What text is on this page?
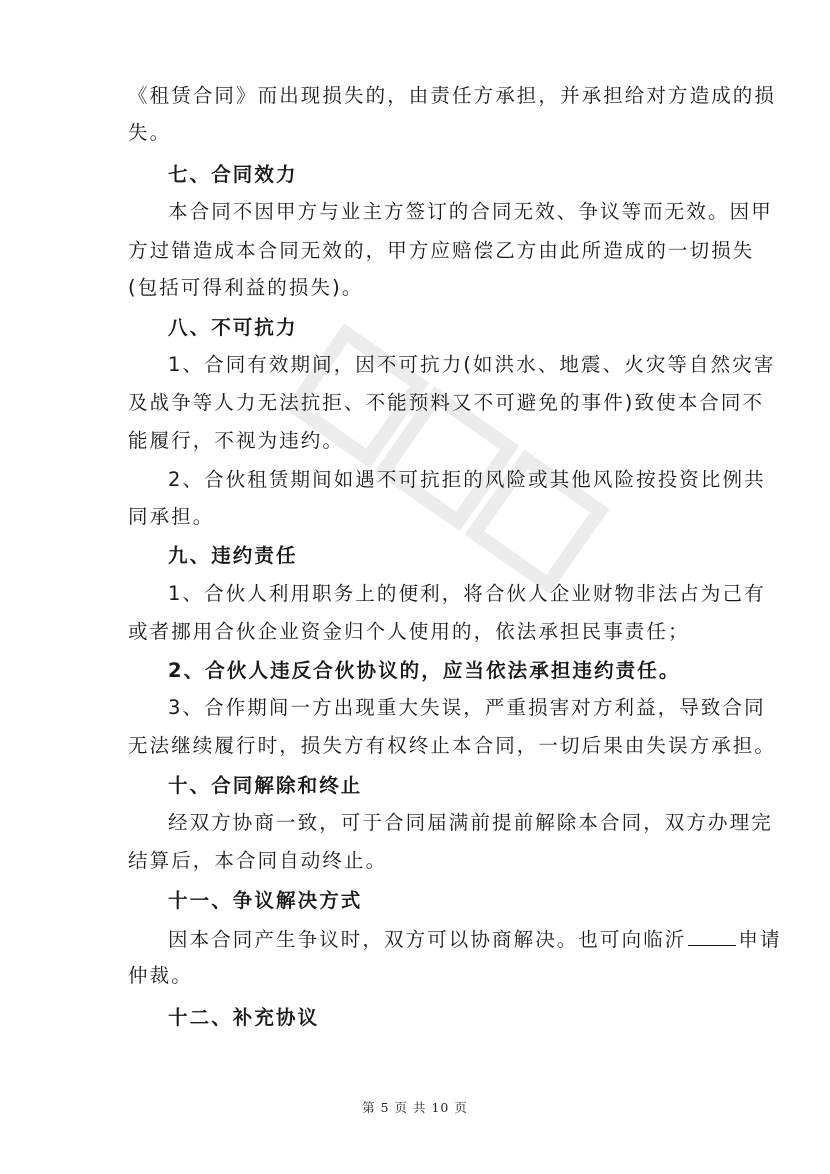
《租赁合同》而出现损失的，由责任方承担，并承担给对方造成的损
失。
七、合同效力
本合同不因甲方与业主方签订的合同无效、争议等而无效。因甲
方过错造成本合同无效的，甲方应赔偿乙方由此所造成的一切损失
(包括可得利益的损失)。
八、不可抗力
1、合同有效期间，因不可抗力(如洪水、地震、火灾等自然灾害
及战争等人力无法抗拒、不能预料又不可避免的事件)致使本合同不
能履行，不视为违约。
2、合伙租赁期间如遇不可抗拒的风险或其他风险按投资比例共
同承担。
九、违约责任
1、合伙人利用职务上的便利，将合伙人企业财物非法占为己有
或者挪用合伙企业资金归个人使用的，依法承担民事责任；
2、合伙人违反合伙协议的，应当依法承担违约责任。
3、合作期间一方出现重大失误，严重损害对方利益，导致合同
无法继续履行时，损失方有权终止本合同，一切后果由失误方承担。
十、合同解除和终止
经双方协商一致，可于合同届满前提前解除本合同，双方办理完
结算后，本合同自动终止。
十一、争议解决方式
因本合同产生争议时，双方可以协商解决。也可向临沂	申请
仲裁。
十二、补充协议
第 5 页 共 10 页
